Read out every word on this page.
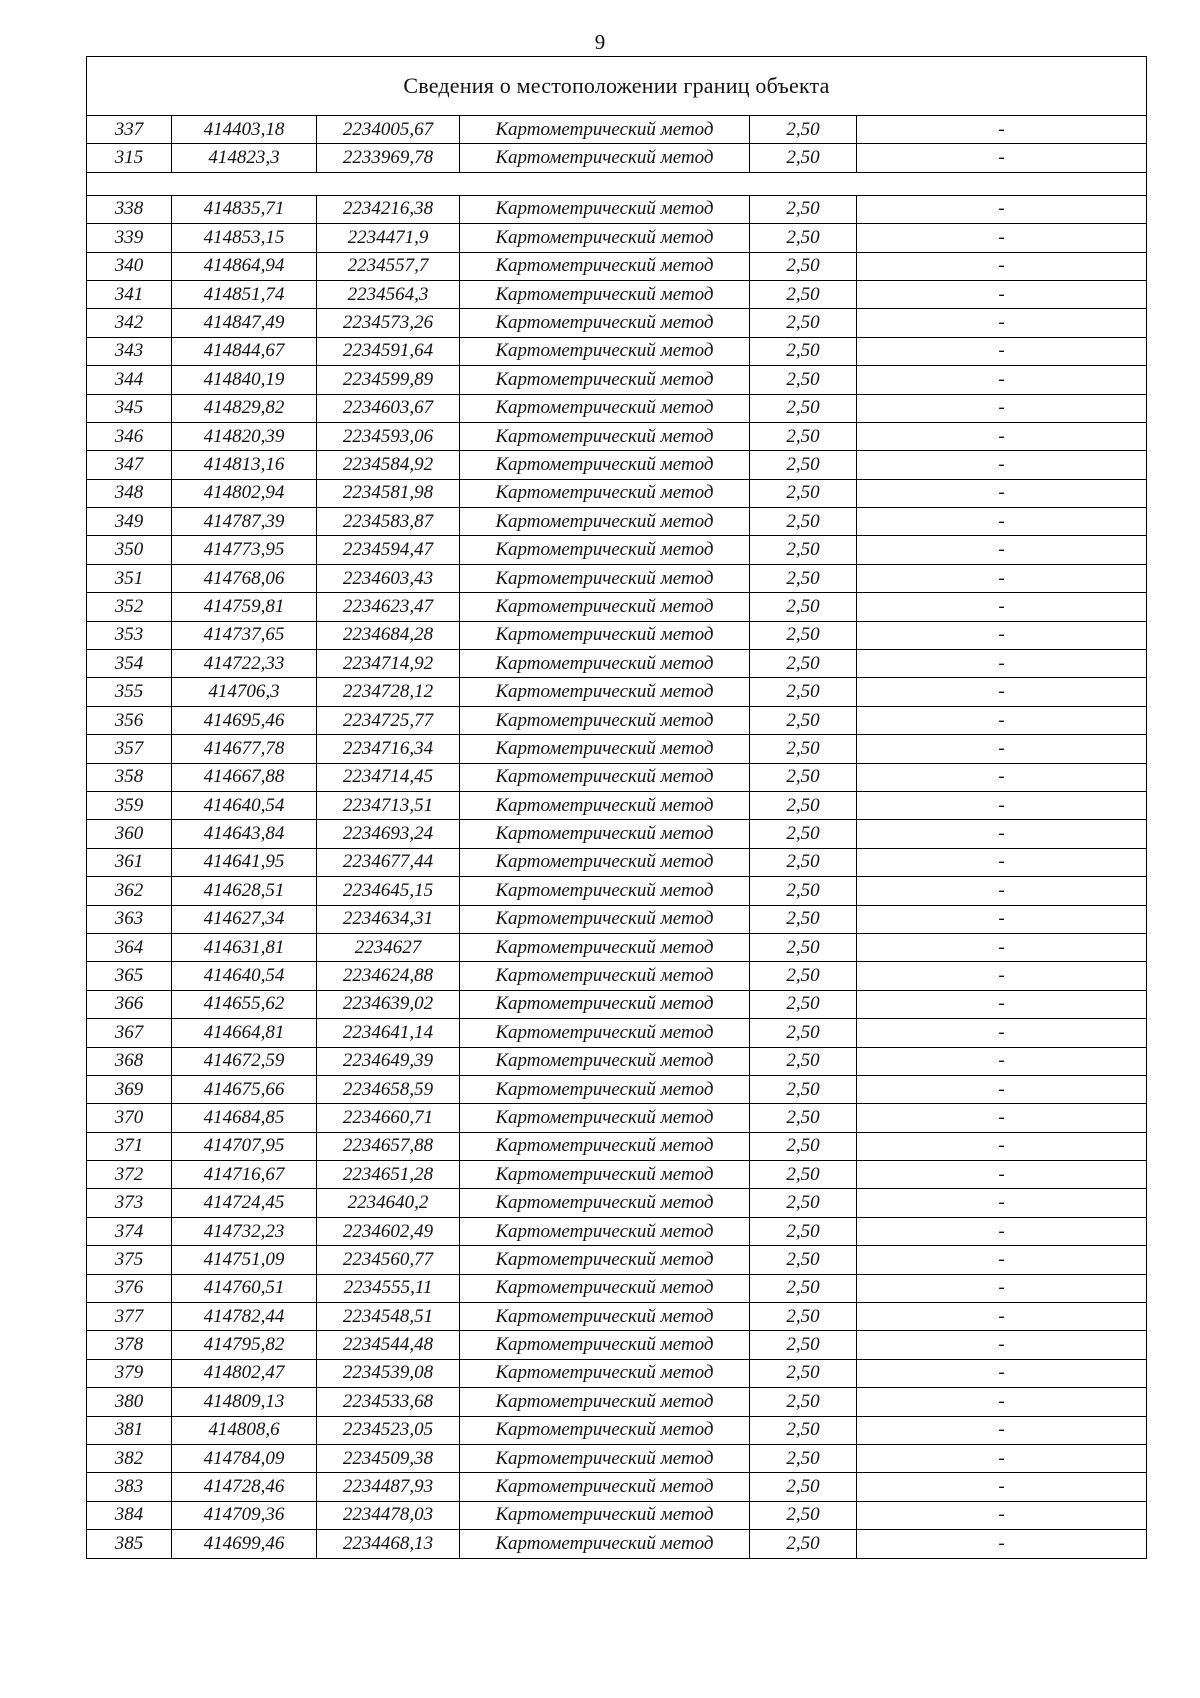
9
Сведения о местоположении границ объекта					
337	414403,18	2234005,67	Картометрический метод	2,50	-
315	414823,3	2233969,78	Картометрический метод	2,50	-

338	414835,71	2234216,38	Картометрический метод	2,50	-
339	414853,15	2234471,9	Картометрический метод	2,50	-
340	414864,94	2234557,7	Картометрический метод	2,50	-
341	414851,74	2234564,3	Картометрический метод	2,50	-
342	414847,49	2234573,26	Картометрический метод	2,50	-
343	414844,67	2234591,64	Картометрический метод	2,50	-
344	414840,19	2234599,89	Картометрический метод	2,50	-
345	414829,82	2234603,67	Картометрический метод	2,50	-
346	414820,39	2234593,06	Картометрический метод	2,50	-
347	414813,16	2234584,92	Картометрический метод	2,50	-
348	414802,94	2234581,98	Картометрический метод	2,50	-
349	414787,39	2234583,87	Картометрический метод	2,50	-
350	414773,95	2234594,47	Картометрический метод	2,50	-
351	414768,06	2234603,43	Картометрический метод	2,50	-
352	414759,81	2234623,47	Картометрический метод	2,50	-
353	414737,65	2234684,28	Картометрический метод	2,50	-
354	414722,33	2234714,92	Картометрический метод	2,50	-
355	414706,3	2234728,12	Картометрический метод	2,50	-
356	414695,46	2234725,77	Картометрический метод	2,50	-
357	414677,78	2234716,34	Картометрический метод	2,50	-
358	414667,88	2234714,45	Картометрический метод	2,50	-
359	414640,54	2234713,51	Картометрический метод	2,50	-
360	414643,84	2234693,24	Картометрический метод	2,50	-
361	414641,95	2234677,44	Картометрический метод	2,50	-
362	414628,51	2234645,15	Картометрический метод	2,50	-
363	414627,34	2234634,31	Картометрический метод	2,50	-
364	414631,81	2234627	Картометрический метод	2,50	-
365	414640,54	2234624,88	Картометрический метод	2,50	-
366	414655,62	2234639,02	Картометрический метод	2,50	-
367	414664,81	2234641,14	Картометрический метод	2,50	-
368	414672,59	2234649,39	Картометрический метод	2,50	-
369	414675,66	2234658,59	Картометрический метод	2,50	-
370	414684,85	2234660,71	Картометрический метод	2,50	-
371	414707,95	2234657,88	Картометрический метод	2,50	-
372	414716,67	2234651,28	Картометрический метод	2,50	-
373	414724,45	2234640,2	Картометрический метод	2,50	-
374	414732,23	2234602,49	Картометрический метод	2,50	-
375	414751,09	2234560,77	Картометрический метод	2,50	-
376	414760,51	2234555,11	Картометрический метод	2,50	-
377	414782,44	2234548,51	Картометрический метод	2,50	-
378	414795,82	2234544,48	Картометрический метод	2,50	-
379	414802,47	2234539,08	Картометрический метод	2,50	-
380	414809,13	2234533,68	Картометрический метод	2,50	-
381	414808,6	2234523,05	Картометрический метод	2,50	-
382	414784,09	2234509,38	Картометрический метод	2,50	-
383	414728,46	2234487,93	Картометрический метод	2,50	-
384	414709,36	2234478,03	Картометрический метод	2,50	-
385	414699,46	2234468,13	Картометрический метод	2,50	-
